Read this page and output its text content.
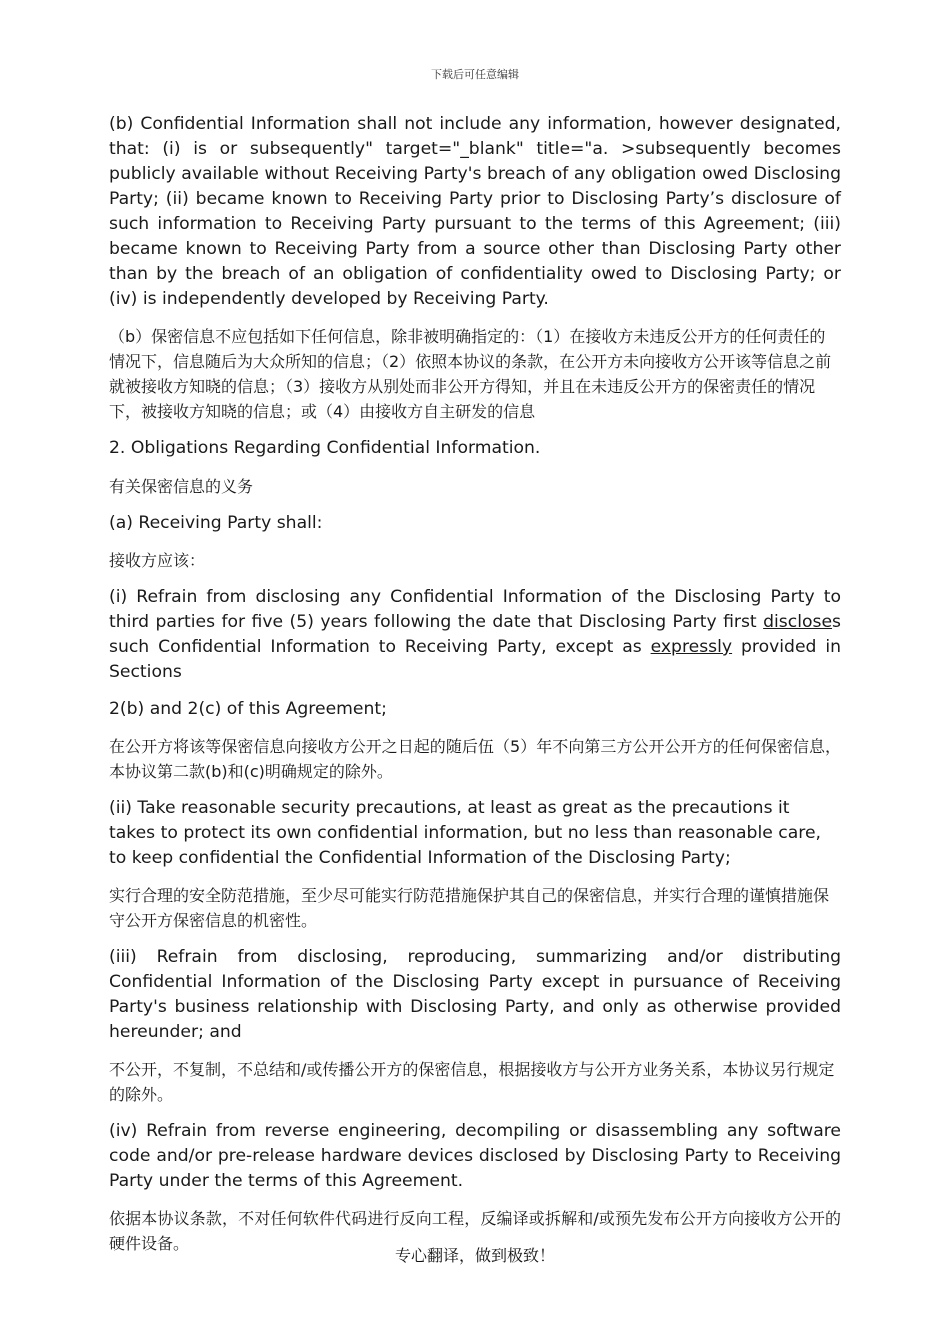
下载后可任意编辑

(b) Confidential Information shall not include any information, however designated, that: (i) is or subsequently" target="_blank" title="a. >subsequently becomes publicly available without Receiving Party's breach of any obligation owed Disclosing Party; (ii) became known to Receiving Party prior to Disclosing Party’s disclosure of such information to Receiving Party pursuant to the terms of this Agreement; (iii) became known to Receiving Party from a source other than Disclosing Party other than by the breach of an obligation of confidentiality owed to Disclosing Party; or (iv) is independently developed by Receiving Party.

（b）保密信息不应包括如下任何信息，除非被明确指定的：（1）在接收方未违反公开方的任何责任的情况下，信息随后为大众所知的信息；（2）依照本协议的条款，在公开方未向接收方公开该等信息之前就被接收方知晓的信息；（3）接收方从别处而非公开方得知，并且在未违反公开方的保密责任的情况下，被接收方知晓的信息；或（4）由接收方自主研发的信息

2. Obligations Regarding Confidential Information.

有关保密信息的义务

(a) Receiving Party shall:

接收方应该：

(i) Refrain from disclosing any Confidential Information of the Disclosing Party to third parties for five (5) years following the date that Disclosing Party first discloses such Confidential Information to Receiving Party, except as expressly provided in Sections

2(b) and 2(c) of this Agreement;

在公开方将该等保密信息向接收方公开之日起的随后伍（5）年不向第三方公开公开方的任何保密信息，本协议第二款(b)和(c)明确规定的除外。

(ii) Take reasonable security precautions, at least as great as the precautions it takes to protect its own confidential information, but no less than reasonable care, to keep confidential the Confidential Information of the Disclosing Party;

实行合理的安全防范措施，至少尽可能实行防范措施保护其自己的保密信息，并实行合理的谨慎措施保守公开方保密信息的机密性。

(iii) Refrain from disclosing, reproducing, summarizing and/or distributing Confidential Information of the Disclosing Party except in pursuance of Receiving Party's business relationship with Disclosing Party, and only as otherwise provided hereunder; and

不公开，不复制，不总结和/或传播公开方的保密信息，根据接收方与公开方业务关系，本协议另行规定的除外。

(iv) Refrain from reverse engineering, decompiling or disassembling any software code and/or pre-release hardware devices disclosed by Disclosing Party to Receiving Party under the terms of this Agreement.

依据本协议条款，不对任何软件代码进行反向工程，反编译或拆解和/或预先发布公开方向接收方公开的硬件设备。

专心翻译，做到极致！
